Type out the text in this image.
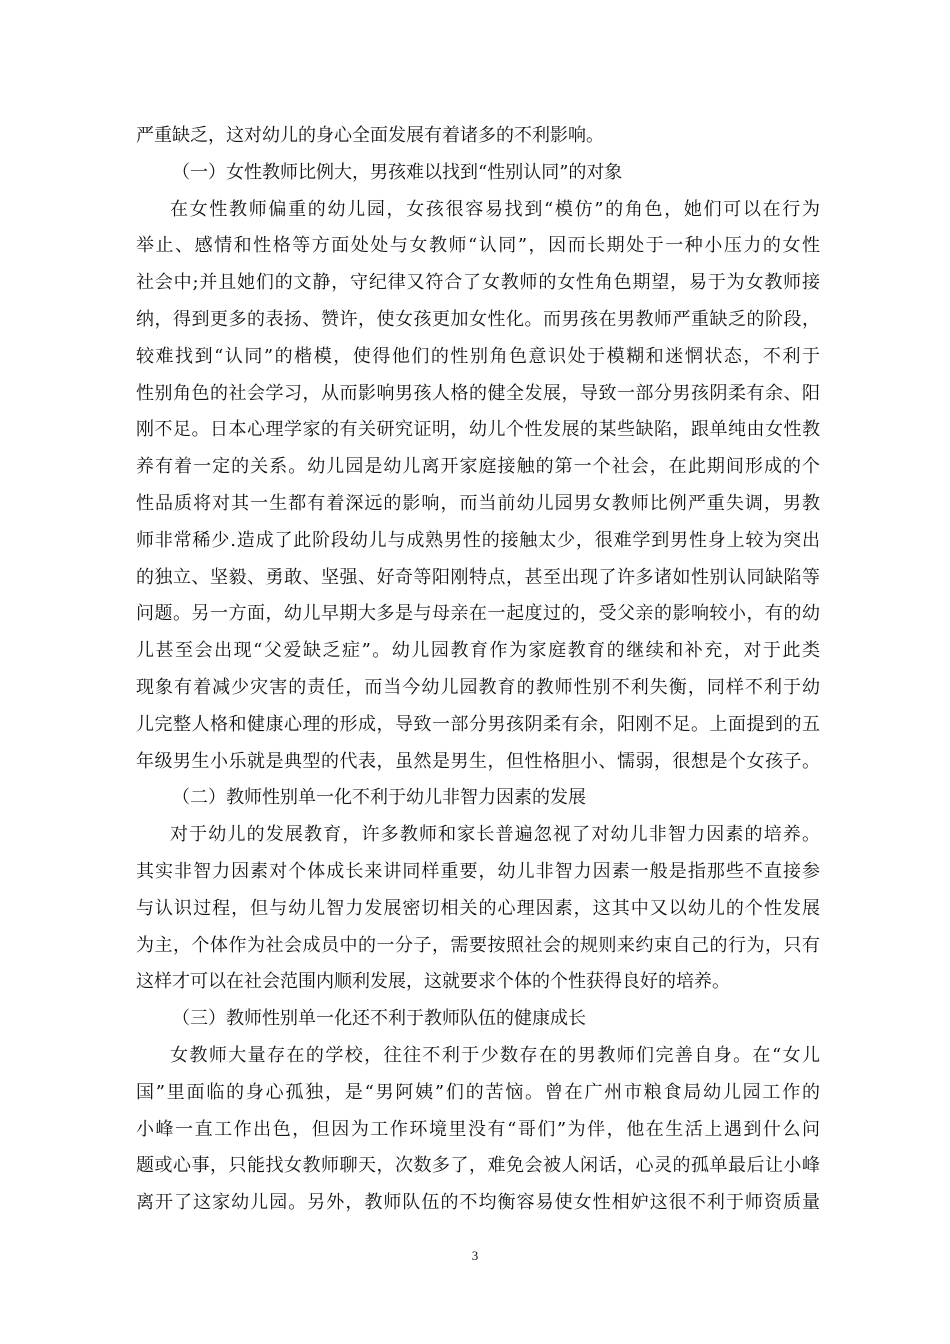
严重缺乏，这对幼儿的身心全面发展有着诸多的不利影响。
（一）女性教师比例大，男孩难以找到“性别认同”的对象
在女性教师偏重的幼儿园，女孩很容易找到“模仿”的角色，她们可以在行为
举止、感情和性格等方面处处与女教师“认同”，因而长期处于一种小压力的女性
社会中;并且她们的文静，守纪律又符合了女教师的女性角色期望，易于为女教师接
纳，得到更多的表扬、赞许，使女孩更加女性化。而男孩在男教师严重缺乏的阶段，
较难找到“认同”的楷模，使得他们的性别角色意识处于模糊和迷惘状态，不利于
性别角色的社会学习，从而影响男孩人格的健全发展，导致一部分男孩阴柔有余、阳
刚不足。日本心理学家的有关研究证明，幼儿个性发展的某些缺陷，跟单纯由女性教
养有着一定的关系。幼儿园是幼儿离开家庭接触的第一个社会，在此期间形成的个
性品质将对其一生都有着深远的影响，而当前幼儿园男女教师比例严重失调，男教
师非常稀少.造成了此阶段幼儿与成熟男性的接触太少，很难学到男性身上较为突出
的独立、坚毅、勇敢、坚强、好奇等阳刚特点，甚至出现了许多诸如性别认同缺陷等
问题。另一方面，幼儿早期大多是与母亲在一起度过的，受父亲的影响较小，有的幼
儿甚至会出现“父爱缺乏症”。幼儿园教育作为家庭教育的继续和补充，对于此类
现象有着减少灾害的责任，而当今幼儿园教育的教师性别不利失衡，同样不利于幼
儿完整人格和健康心理的形成，导致一部分男孩阴柔有余，阳刚不足。上面提到的五
年级男生小乐就是典型的代表，虽然是男生，但性格胆小、懦弱，很想是个女孩子。
（二）教师性别单一化不利于幼儿非智力因素的发展
对于幼儿的发展教育，许多教师和家长普遍忽视了对幼儿非智力因素的培养。
其实非智力因素对个体成长来讲同样重要，幼儿非智力因素一般是指那些不直接参
与认识过程，但与幼儿智力发展密切相关的心理因素，这其中又以幼儿的个性发展
为主，个体作为社会成员中的一分子，需要按照社会的规则来约束自己的行为，只有
这样才可以在社会范围内顺利发展，这就要求个体的个性获得良好的培养。
（三）教师性别单一化还不利于教师队伍的健康成长
女教师大量存在的学校，往往不利于少数存在的男教师们完善自身。在“女儿
国”里面临的身心孤独，是“男阿姨”们的苦恼。曾在广州市粮食局幼儿园工作的
小峰一直工作出色，但因为工作环境里没有“哥们”为伴，他在生活上遇到什么问
题或心事，只能找女教师聊天，次数多了，难免会被人闲话，心灵的孤单最后让小峰
离开了这家幼儿园。另外，教师队伍的不均衡容易使女性相妒这很不利于师资质量
3
